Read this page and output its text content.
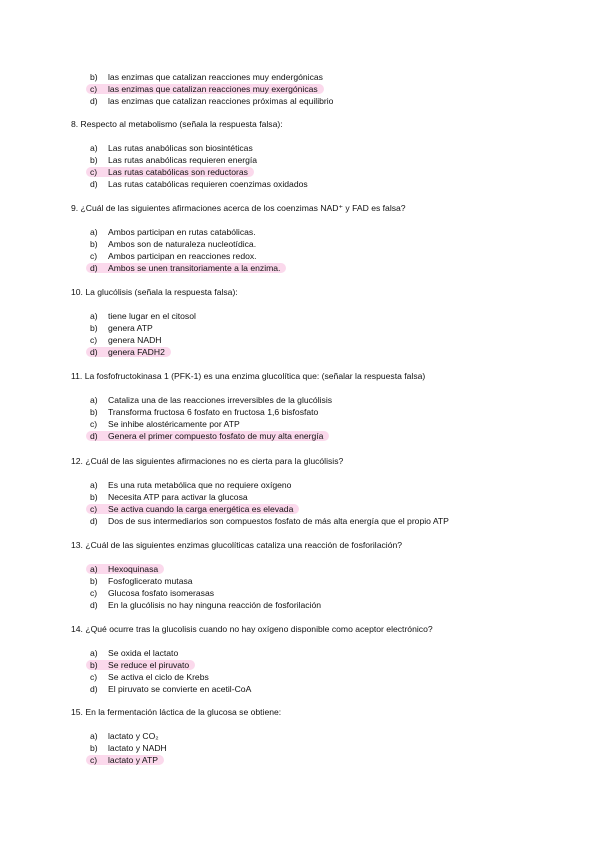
b) las enzimas que catalizan reacciones muy endergónicas
c) las enzimas que catalizan reacciones muy exergónicas
d) las enzimas que catalizan reacciones próximas al equilibrio
8. Respecto al metabolismo (señala la respuesta falsa):
a) Las rutas anabólicas son biosintéticas
b) Las rutas anabólicas requieren energía
c) Las rutas catabólicas son reductoras
d) Las rutas catabólicas requieren coenzimas oxidados
9. ¿Cuál de las siguientes afirmaciones acerca de los coenzimas NAD⁺ y FAD es falsa?
a) Ambos participan en rutas catabólicas.
b) Ambos son de naturaleza nucleotídica.
c) Ambos participan en reacciones redox.
d) Ambos se unen transitoriamente a la enzima.
10. La glucólisis (señala la respuesta falsa):
a) tiene lugar en el citosol
b) genera ATP
c) genera NADH
d) genera FADH2
11. La fosfofructokinasa 1 (PFK-1) es una enzima glucolítica que: (señalar la respuesta falsa)
a) Cataliza una de las reacciones irreversibles de la glucólisis
b) Transforma fructosa 6 fosfato en fructosa 1,6 bisfosfato
c) Se inhibe alostéricamente por ATP
d) Genera el primer compuesto fosfato de muy alta energía
12. ¿Cuál de las siguientes afirmaciones no es cierta para la glucólisis?
a) Es una ruta metabólica que no requiere oxígeno
b) Necesita ATP para activar la glucosa
c) Se activa cuando la carga energética es elevada
d) Dos de sus intermediarios son compuestos fosfato de más alta energía que el propio ATP
13. ¿Cuál de las siguientes enzimas glucolíticas cataliza una reacción de fosforilación?
a) Hexoquinasa
b) Fosfoglicerato mutasa
c) Glucosa fosfato isomerasas
d) En la glucólisis no hay ninguna reacción de fosforilación
14. ¿Qué ocurre tras la glucolisis cuando no hay oxígeno disponible como aceptor electrónico?
a) Se oxida el lactato
b) Se reduce el piruvato
c) Se activa el ciclo de Krebs
d) El piruvato se convierte en acetil-CoA
15. En la fermentación láctica de la glucosa se obtiene:
a) lactato y CO₂
b) lactato y NADH
c) lactato y ATP
